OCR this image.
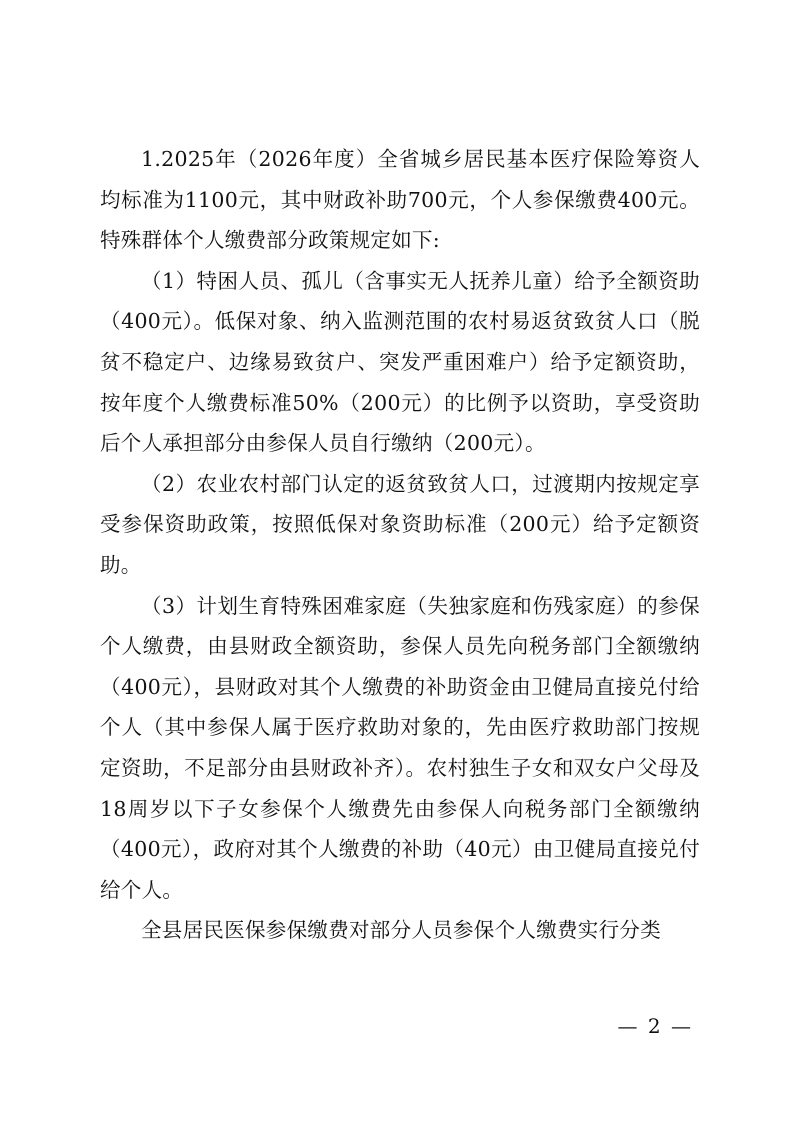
1.2025年（2026年度）全省城乡居民基本医疗保险筹资人均标准为1100元，其中财政补助700元，个人参保缴费400元。特殊群体个人缴费部分政策规定如下:

（1）特困人员、孤儿（含事实无人抚养儿童）给予全额资助（400元）。低保对象、纳入监测范围的农村易返贫致贫人口（脱贫不稳定户、边缘易致贫户、突发严重困难户）给予定额资助，按年度个人缴费标准50%（200元）的比例予以资助，享受资助后个人承担部分由参保人员自行缴纳（200元）。

（2）农业农村部门认定的返贫致贫人口，过渡期内按规定享受参保资助政策，按照低保对象资助标准（200元）给予定额资助。

（3）计划生育特殊困难家庭（失独家庭和伤残家庭）的参保个人缴费，由县财政全额资助，参保人员先向税务部门全额缴纳（400元），县财政对其个人缴费的补助资金由卫健局直接兑付给个人（其中参保人属于医疗救助对象的，先由医疗救助部门按规定资助，不足部分由县财政补齐）。农村独生子女和双女户父母及18周岁以下子女参保个人缴费先由参保人向税务部门全额缴纳（400元），政府对其个人缴费的补助（40元）由卫健局直接兑付给个人。

全县居民医保参保缴费对部分人员参保个人缴费实行分类

— 2 —
